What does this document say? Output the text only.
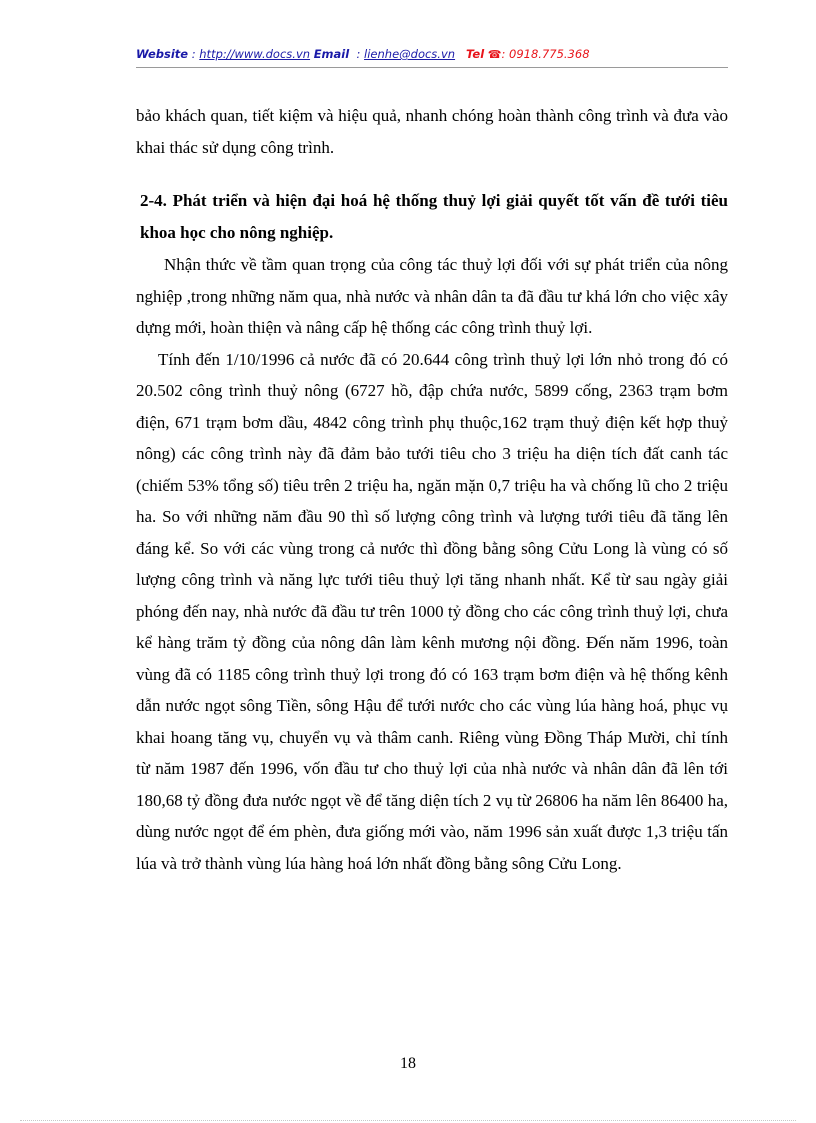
Website : http://www.docs.vn Email  : lienhe@docs.vn Tel ☎: 0918.775.368

bảo khách quan, tiết kiệm và hiệu quả, nhanh chóng hoàn thành công trình và đưa vào khai thác sử dụng công trình.

2-4. Phát triển và hiện đại hoá hệ thống thuỷ lợi giải quyết tốt vấn đề tưới tiêu khoa học cho nông nghiệp.

Nhận thức về tầm quan trọng của công tác thuỷ lợi đối với sự phát triển của nông nghiệp ,trong những năm qua, nhà nước và nhân dân ta đã đầu tư khá lớn cho việc xây dựng mới, hoàn thiện và nâng cấp hệ thống các công trình thuỷ lợi.

Tính đến 1/10/1996 cả nước đã có 20.644 công trình thuỷ lợi lớn nhỏ trong đó có 20.502 công trình thuỷ nông (6727 hồ, đập chứa nước, 5899 cống, 2363 trạm bơm điện, 671 trạm bơm dầu, 4842 công trình phụ thuộc,162 trạm thuỷ điện kết hợp thuỷ nông) các công trình này đã đảm bảo tưới tiêu cho 3 triệu ha diện tích đất canh tác (chiếm 53% tổng số) tiêu trên 2 triệu ha, ngăn mặn 0,7 triệu ha và chống lũ cho 2 triệu ha. So với những năm đầu 90 thì số lượng công trình và lượng tưới tiêu đã tăng lên đáng kể. So với các vùng trong cả nước thì đồng bằng sông Cửu Long là vùng có số lượng công trình và năng lực tưới tiêu thuỷ lợi tăng nhanh nhất. Kể từ sau ngày giải phóng đến nay, nhà nước đã đầu tư trên 1000 tỷ đồng cho các công trình thuỷ lợi, chưa kể hàng trăm tỷ đồng của nông dân làm kênh mương nội đồng. Đến năm 1996, toàn vùng đã có 1185 công trình thuỷ lợi trong đó có 163 trạm bơm điện và hệ thống kênh dẫn nước ngọt sông Tiền, sông Hậu để tưới nước cho các vùng lúa hàng hoá, phục vụ khai hoang tăng vụ, chuyển vụ và thâm canh. Riêng vùng Đồng Tháp Mười, chỉ tính từ năm 1987 đến 1996, vốn đầu tư cho thuỷ lợi của nhà nước và nhân dân đã lên tới 180,68 tỷ đồng đưa nước ngọt về để tăng diện tích 2 vụ từ 26806 ha năm lên 86400 ha, dùng nước ngọt để ém phèn, đưa giống mới vào, năm 1996 sản xuất được 1,3 triệu tấn lúa và trở thành vùng lúa hàng hoá lớn nhất đồng bằng sông Cửu Long.

18
